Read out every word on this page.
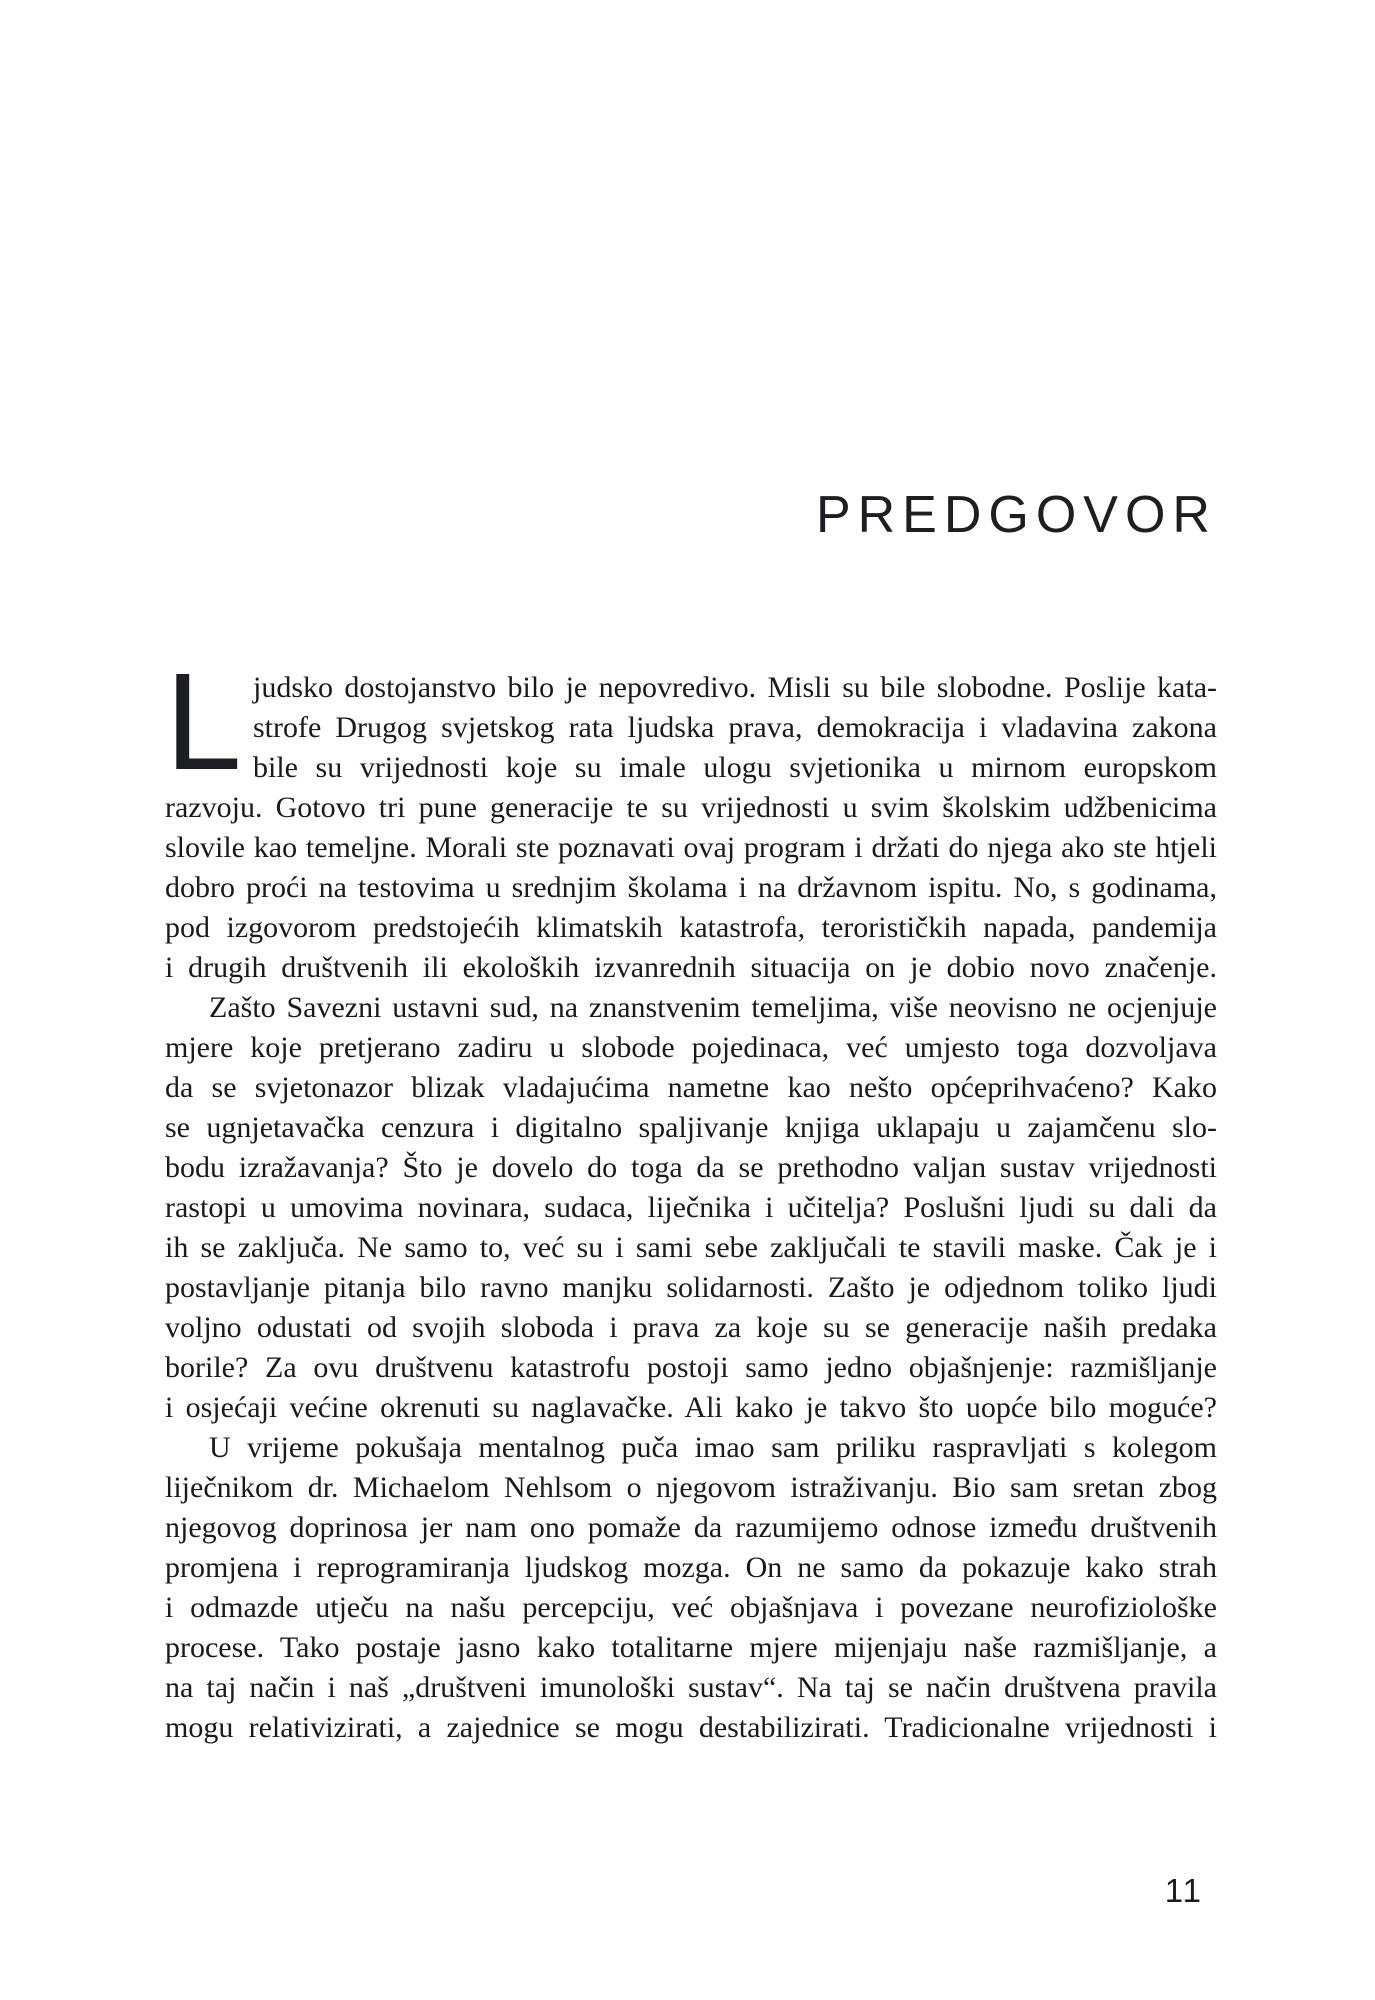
PREDGOVOR
L judsko dostojanstvo bilo je nepovredivo. Misli su bile slobodne. Poslije kata-
strofe Drugog svjetskog rata ljudska prava, demokracija i vladavina zakona
bile su vrijednosti koje su imale ulogu svjetionika u mirnom europskom
razvoju. Gotovo tri pune generacije te su vrijednosti u svim školskim udžbenicima
slovile kao temeljne. Morali ste poznavati ovaj program i držati do njega ako ste htjeli
dobro proći na testovima u srednjim školama i na državnom ispitu. No, s godinama,
pod izgovorom predstojećih klimatskih katastrofa, terorističkih napada, pandemija
i drugih društvenih ili ekoloških izvanrednih situacija on je dobio novo značenje.
Zašto Savezni ustavni sud, na znanstvenim temeljima, više neovisno ne ocjenjuje
mjere koje pretjerano zadiru u slobode pojedinaca, već umjesto toga dozvoljava
da se svjetonazor blizak vladajućima nametne kao nešto općeprihvaćeno? Kako
se ugnjetavačka cenzura i digitalno spaljivanje knjiga uklapaju u zajamčenu slo-
bodu izražavanja? Što je dovelo do toga da se prethodno valjan sustav vrijednosti
rastopi u umovima novinara, sudaca, liječnika i učitelja? Poslušni ljudi su dali da
ih se zaključa. Ne samo to, već su i sami sebe zaključali te stavili maske. Čak je i
postavljanje pitanja bilo ravno manjku solidarnosti. Zašto je odjednom toliko ljudi
voljno odustati od svojih sloboda i prava za koje su se generacije naših predaka
borile? Za ovu društvenu katastrofu postoji samo jedno objašnjenje: razmišljanje
i osjećaji većine okrenuti su naglavačke. Ali kako je takvo što uopće bilo moguće?
U vrijeme pokušaja mentalnog puča imao sam priliku raspravljati s kolegom
liječnikom dr. Michaelom Nehlsom o njegovom istraživanju. Bio sam sretan zbog
njegovog doprinosa jer nam ono pomaže da razumijemo odnose između društvenih
promjena i reprogramiranja ljudskog mozga. On ne samo da pokazuje kako strah
i odmazde utječu na našu percepciju, već objašnjava i povezane neurofiziološke
procese. Tako postaje jasno kako totalitarne mjere mijenjaju naše razmišljanje, a
na taj način i naš „društveni imunološki sustav“. Na taj se način društvena pravila
mogu relativizirati, a zajednice se mogu destabilizirati. Tradicionalne vrijednosti i
11
